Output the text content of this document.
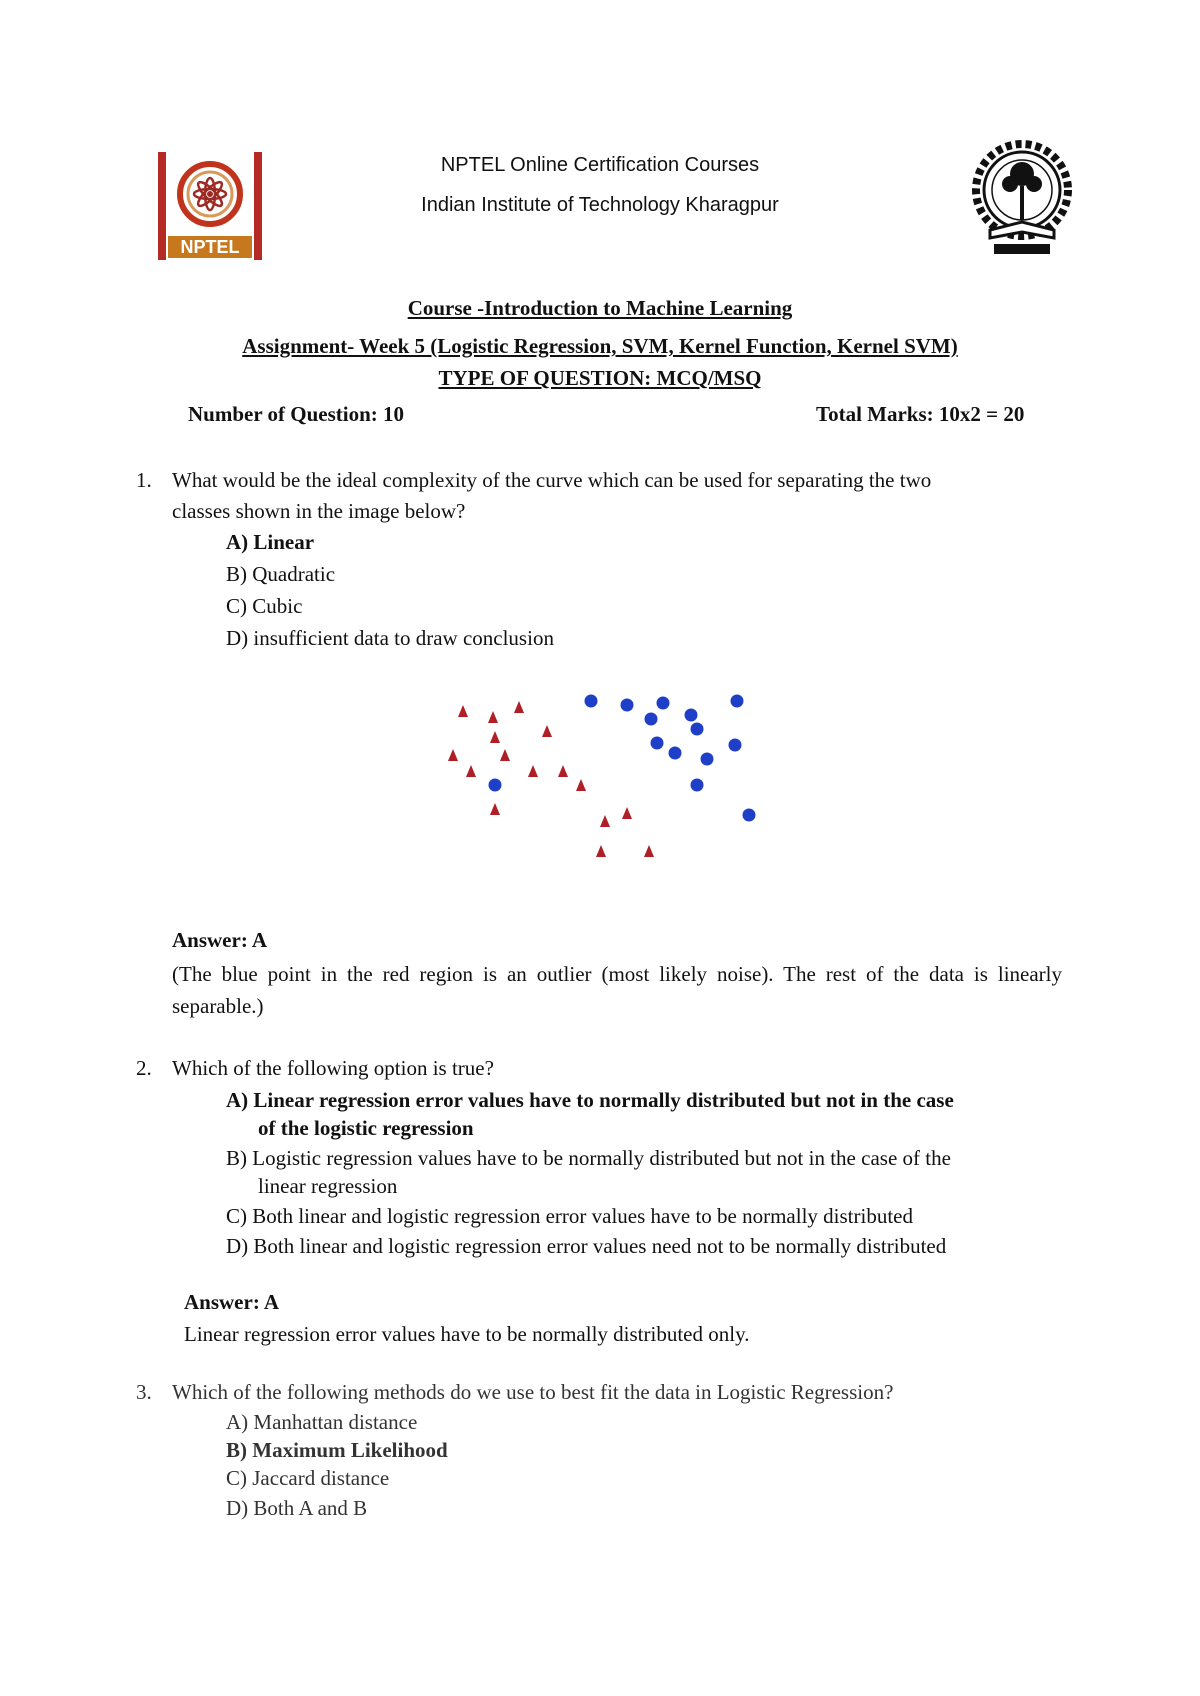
NPTEL
NPTEL Online Certification Courses
Indian Institute of Technology Kharagpur
Course -Introduction to Machine Learning
Assignment- Week 5 (Logistic Regression, SVM, Kernel Function, Kernel SVM)
TYPE OF QUESTION: MCQ/MSQ
Number of Question: 10	Total Marks: 10x2 = 20
1. What would be the ideal complexity of the curve which can be used for separating the two
classes shown in the image below?
A) Linear
B) Quadratic
C) Cubic
D) insufficient data to draw conclusion
Answer: A
(The blue point in the red region is an outlier (most likely noise). The rest of the data is linearly separable.)
2. Which of the following option is true?
A) Linear regression error values have to normally distributed but not in the case
of the logistic regression
B) Logistic regression values have to be normally distributed but not in the case of the
linear regression
C) Both linear and logistic regression error values have to be normally distributed
D) Both linear and logistic regression error values need not to be normally distributed
Answer: A
Linear regression error values have to be normally distributed only.
3. Which of the following methods do we use to best fit the data in Logistic Regression?
A) Manhattan distance
B) Maximum Likelihood
C) Jaccard distance
D) Both A and B
